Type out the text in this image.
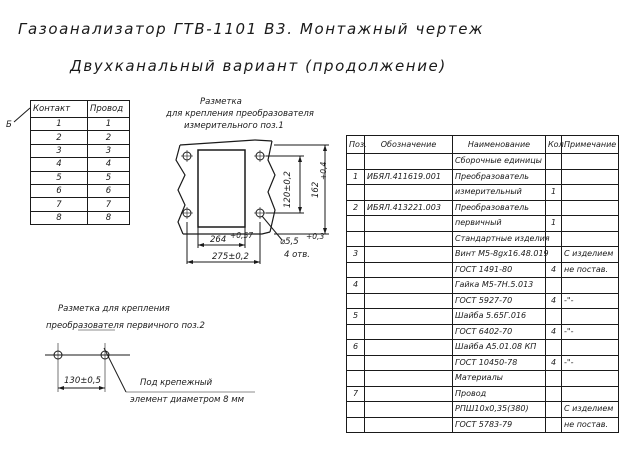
Газоанализатор ГТВ-1101 В3. Монтажный чертеж
Двухканальный вариант (продолжение)
Б
Контакт	Провод
1	1
2	2
3	3
4	4
5	5
6	6
7	7
8	8
Разметка
для крепления преобразователя
измерительного поз.1
120±0,2 162
+0,4
264 +0,57
275±0,2
⌀5,5
+0,3
4 отв.
Разметка для крепления
преобразователя первичного поз.2
130±0,5	Под крепежный
элемент диаметром 8 мм
Поз.	Обозначение	Наименование	Кол.	Примечание
		Сборочные единицы		
1	ИБЯЛ.411619.001	Преобразователь		
		измерительный	1	
2	ИБЯЛ.413221.003	Преобразователь		
		первичный	1	
		Стандартные изделия		
3		Винт М5-8gх16.48.019		С изделием
		ГОСТ 1491-80	4	не постав.
4		Гайка М5-7Н.5.013		
		ГОСТ 5927-70	4	-"-
5		Шайба 5.65Г.016		
		ГОСТ 6402-70	4	-"-
6		Шайба А5.01.08 КП		
		ГОСТ 10450-78	4	-"-
		Материалы		
7		Провод		
		РПШ10х0,35(380)		С изделием
		ГОСТ 5783-79		не постав.
